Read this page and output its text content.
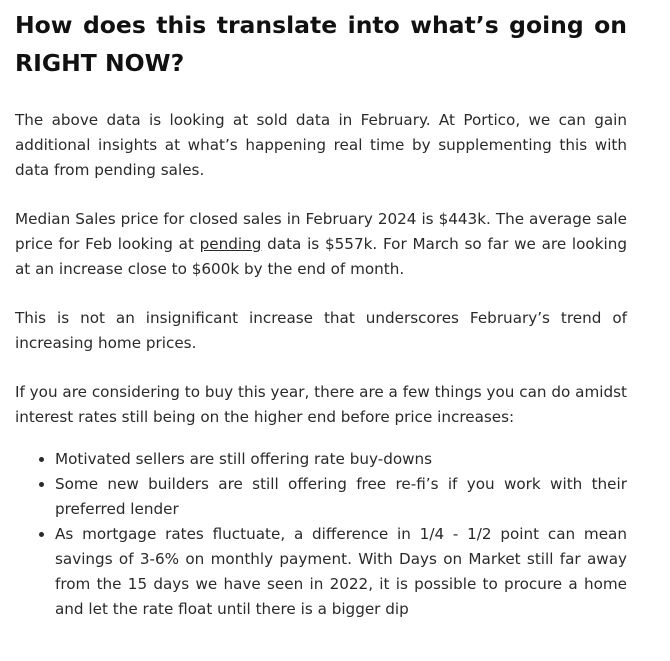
How does this translate into what’s going on RIGHT NOW?

The above data is looking at sold data in February. At Portico, we can gain additional insights at what’s happening real time by supplementing this with data from pending sales.

Median Sales price for closed sales in February 2024 is $443k. The average sale price for Feb looking at pending data is $557k. For March so far we are looking at an increase close to $600k by the end of month.

This is not an insignificant increase that underscores February’s trend of increasing home prices.

If you are considering to buy this year, there are a few things you can do amidst interest rates still being on the higher end before price increases:

• Motivated sellers are still offering rate buy-downs
• Some new builders are still offering free re-fi’s if you work with their preferred lender
• As mortgage rates fluctuate, a difference in 1/4 - 1/2 point can mean savings of 3-6% on monthly payment. With Days on Market still far away from the 15 days we have seen in 2022, it is possible to procure a home and let the rate float until there is a bigger dip
